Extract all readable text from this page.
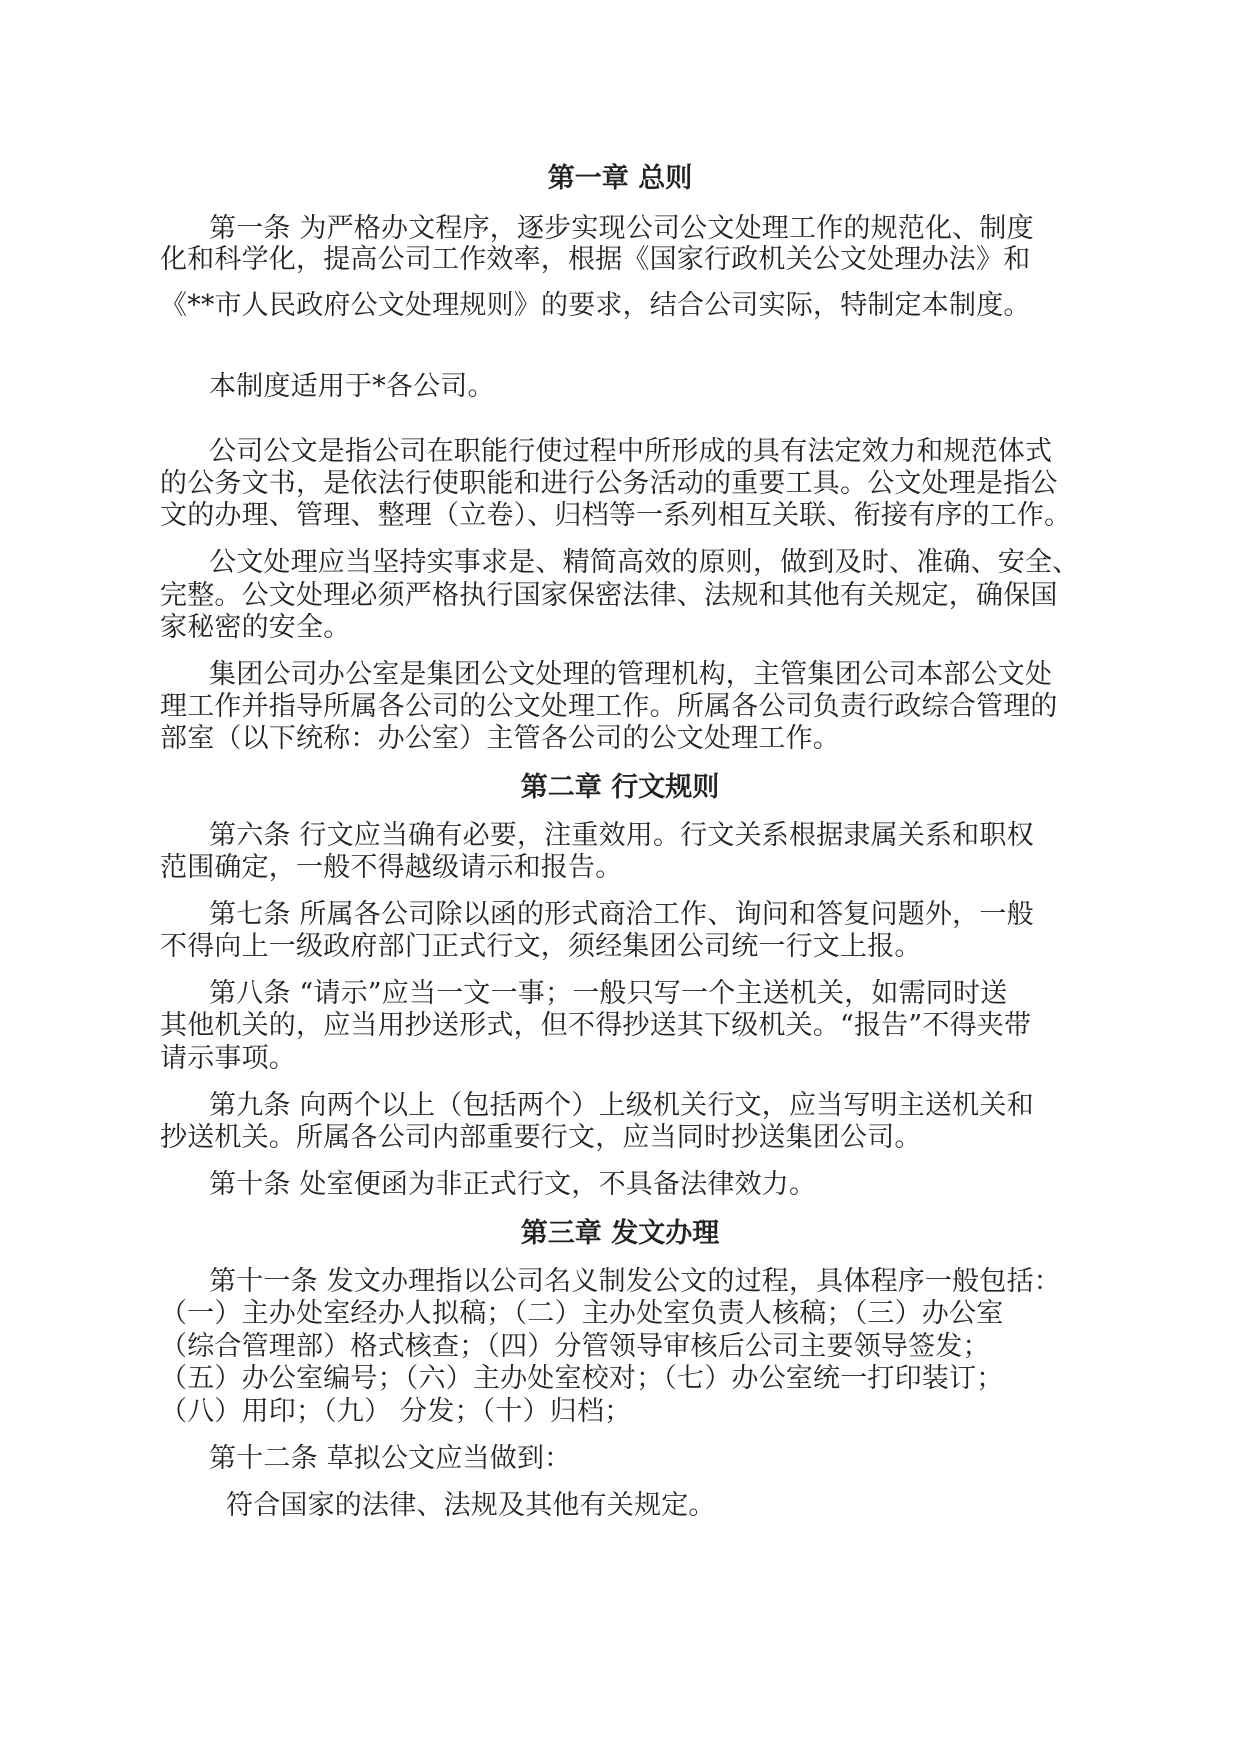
第一章 总则

第一条 为严格办文程序，逐步实现公司公文处理工作的规范化、制度

化和科学化，提高公司工作效率，根据《国家行政机关公文处理办法》和

《**市人民政府公文处理规则》的要求，结合公司实际，特制定本制度。

本制度适用于*各公司。

公司公文是指公司在职能行使过程中所形成的具有法定效力和规范体式

的公务文书，是依法行使职能和进行公务活动的重要工具。公文处理是指公

文的办理、管理、整理（立卷）、归档等一系列相互关联、衔接有序的工作。

公文处理应当坚持实事求是、精简高效的原则，做到及时、准确、安全、

完整。公文处理必须严格执行国家保密法律、法规和其他有关规定，确保国

家秘密的安全。

集团公司办公室是集团公文处理的管理机构，主管集团公司本部公文处

理工作并指导所属各公司的公文处理工作。所属各公司负责行政综合管理的

部室（以下统称：办公室）主管各公司的公文处理工作。

第二章 行文规则

第六条 行文应当确有必要，注重效用。行文关系根据隶属关系和职权

范围确定，一般不得越级请示和报告。

第七条 所属各公司除以函的形式商洽工作、询问和答复问题外，一般

不得向上一级政府部门正式行文，须经集团公司统一行文上报。

第八条 “请示”应当一文一事；一般只写一个主送机关，如需同时送

其他机关的，应当用抄送形式，但不得抄送其下级机关。“报告”不得夹带

请示事项。

第九条 向两个以上（包括两个）上级机关行文，应当写明主送机关和

抄送机关。所属各公司内部重要行文，应当同时抄送集团公司。

第十条 处室便函为非正式行文，不具备法律效力。

第三章 发文办理

第十一条 发文办理指以公司名义制发公文的过程，具体程序一般包括：

（一）主办处室经办人拟稿；（二）主办处室负责人核稿；（三）办公室

（综合管理部）格式核查；（四）分管领导审核后公司主要领导签发；

（五）办公室编号；（六）主办处室校对；（七）办公室统一打印装订；

（八）用印；（九） 分发；（十）归档；

第十二条 草拟公文应当做到：

符合国家的法律、法规及其他有关规定。
